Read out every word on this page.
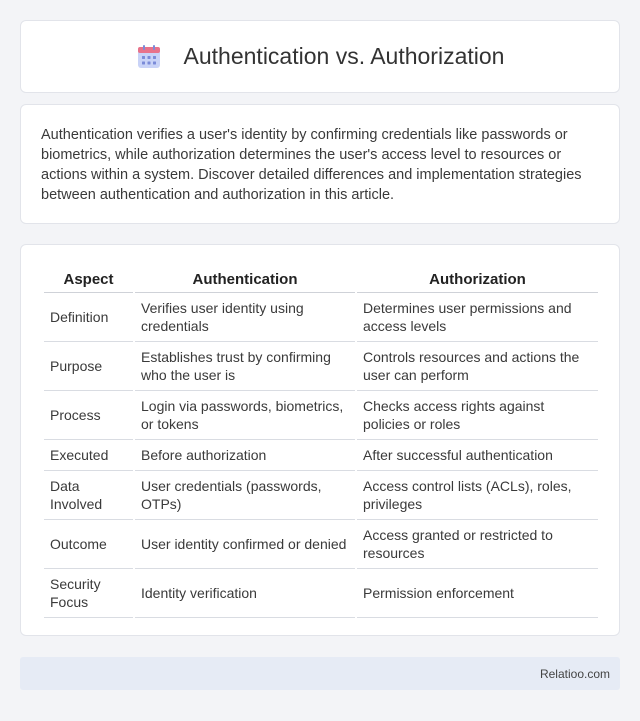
Authentication vs. Authorization

Authentication verifies a user's identity by confirming credentials like passwords or biometrics, while authorization determines the user's access level to resources or actions within a system. Discover detailed differences and implementation strategies between authentication and authorization in this article.

Aspect	Authentication	Authorization
Definition	Verifies user identity using credentials	Determines user permissions and access levels
Purpose	Establishes trust by confirming who the user is	Controls resources and actions the user can perform
Process	Login via passwords, biometrics, or tokens	Checks access rights against policies or roles
Executed	Before authorization	After successful authentication
Data Involved	User credentials (passwords, OTPs)	Access control lists (ACLs), roles, privileges
Outcome	User identity confirmed or denied	Access granted or restricted to resources
Security Focus	Identity verification	Permission enforcement
Relatioo.com
